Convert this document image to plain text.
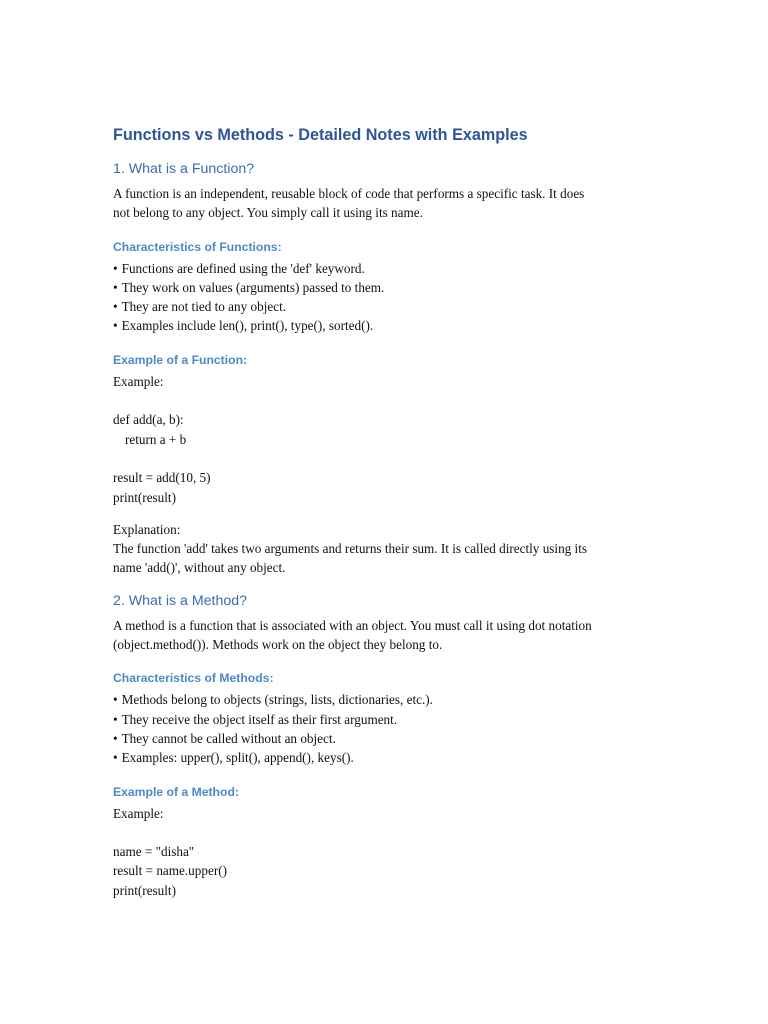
Functions vs Methods - Detailed Notes with Examples
1. What is a Function?

A function is an independent, reusable block of code that performs a specific task. It does

not belong to any object. You simply call it using its name.

Characteristics of Functions:
• Functions are defined using the 'def' keyword.
• They work on values (arguments) passed to them.
• They are not tied to any object.
• Examples include len(), print(), type(), sorted().
Example of a Function:

Example:

def add(a, b):

return a + b

result = add(10, 5)

print(result)

Explanation:

The function 'add' takes two arguments and returns their sum. It is called directly using its

name 'add()', without any object.

2. What is a Method?

A method is a function that is associated with an object. You must call it using dot notation

(object.method()). Methods work on the object they belong to.

Characteristics of Methods:
• Methods belong to objects (strings, lists, dictionaries, etc.).
• They receive the object itself as their first argument.
• They cannot be called without an object.
• Examples: upper(), split(), append(), keys().
Example of a Method:

Example:

name = "disha"

result = name.upper()

print(result)
